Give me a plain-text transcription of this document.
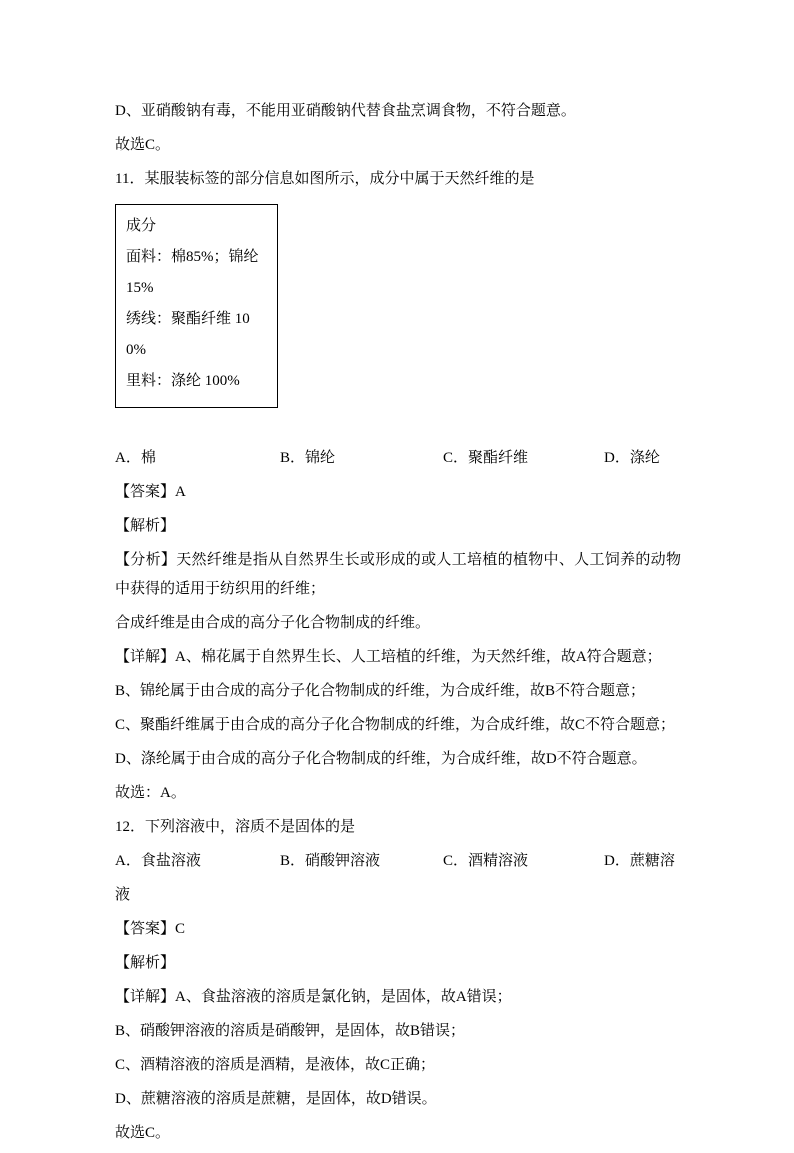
D、亚硝酸钠有毒，不能用亚硝酸钠代替食盐烹调食物，不符合题意。

故选C。

11．某服装标签的部分信息如图所示，成分中属于天然纤维的是

成分

面料：棉85%；锦纶 15%

绣线：聚酯纤维 100%

里料：涤纶 100%

A．棉	B．锦纶	C．聚酯纤维	D．涤纶

【答案】A

【解析】

【分析】天然纤维是指从自然界生长或形成的或人工培植的植物中、人工饲养的动物中获得的适用于纺织用的纤维；

合成纤维是由合成的高分子化合物制成的纤维。

【详解】A、棉花属于自然界生长、人工培植的纤维，为天然纤维，故A符合题意；

B、锦纶属于由合成的高分子化合物制成的纤维，为合成纤维，故B不符合题意；

C、聚酯纤维属于由合成的高分子化合物制成的纤维，为合成纤维，故C不符合题意；

D、涤纶属于由合成的高分子化合物制成的纤维，为合成纤维，故D不符合题意。

故选：A。

12．下列溶液中，溶质不是固体的是

A．食盐溶液	B．硝酸钾溶液	C．酒精溶液	D．蔗糖溶

液

【答案】C

【解析】

【详解】A、食盐溶液的溶质是氯化钠，是固体，故A错误；

B、硝酸钾溶液的溶质是硝酸钾，是固体，故B错误；

C、酒精溶液的溶质是酒精，是液体，故C正确；

D、蔗糖溶液的溶质是蔗糖，是固体，故D错误。

故选C。
